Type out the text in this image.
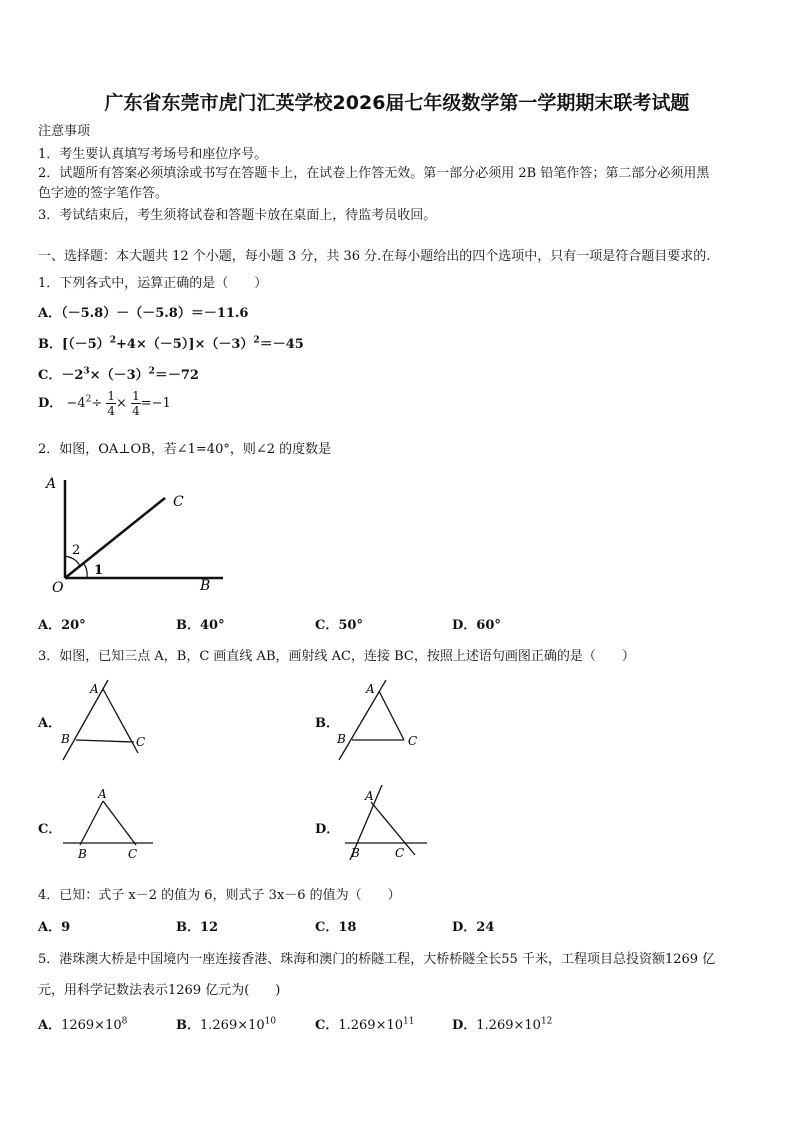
广东省东莞市虎门汇英学校2026届七年级数学第一学期期末联考试题
注意事项
1．考生要认真填写考场号和座位序号。
2．试题所有答案必须填涂或书写在答题卡上，在试卷上作答无效。第一部分必须用 2B 铅笔作答；第二部分必须用黑
色字迹的签字笔作答。
3．考试结束后，考生须将试卷和答题卡放在桌面上，待监考员收回。
一、选择题：本大题共 12 个小题，每小题 3 分，共 36 分.在每小题给出的四个选项中，只有一项是符合题目要求的.
1．下列各式中，运算正确的是（　　）
A．（－5.8）－（－5.8）＝－11.6
B．$[(-5)^2+4\times(-5)]\times(-3)^2=-45$
C．$-2^3\times(-3)^2=-72$
D． $-4^2\div \frac{1}{4} \times \frac{1}{4} =-1$
2．如图，OA⊥OB，若∠1=40°，则∠2 的度数是
A
C
B
O
2
1
A．20°	B．40°	C．50°	D．60°
3．如图，已知三点 A，B，C 画直线 AB，画射线 AC，连接 BC，按照上述语句画图正确的是（　　）
A．
A
B	C
B．
A
B	C
C．
A
B	C
D．
A
B	C
4．已知：式子 x－2 的值为 6，则式子 3x－6 的值为（　　）
A．9	B．12	C．18	D．24
5．港珠澳大桥是中国境内一座连接香港、珠海和澳门的桥隧工程，大桥桥隧全长55 千米，工程项目总投资额1269 亿
元，用科学记数法表示1269 亿元为(　　)
A．$1269\times 10^8$	B．$1.269\times 10^{10}$	C．$1.269\times 10^{11}$	D．$1.269\times 10^{12}$
